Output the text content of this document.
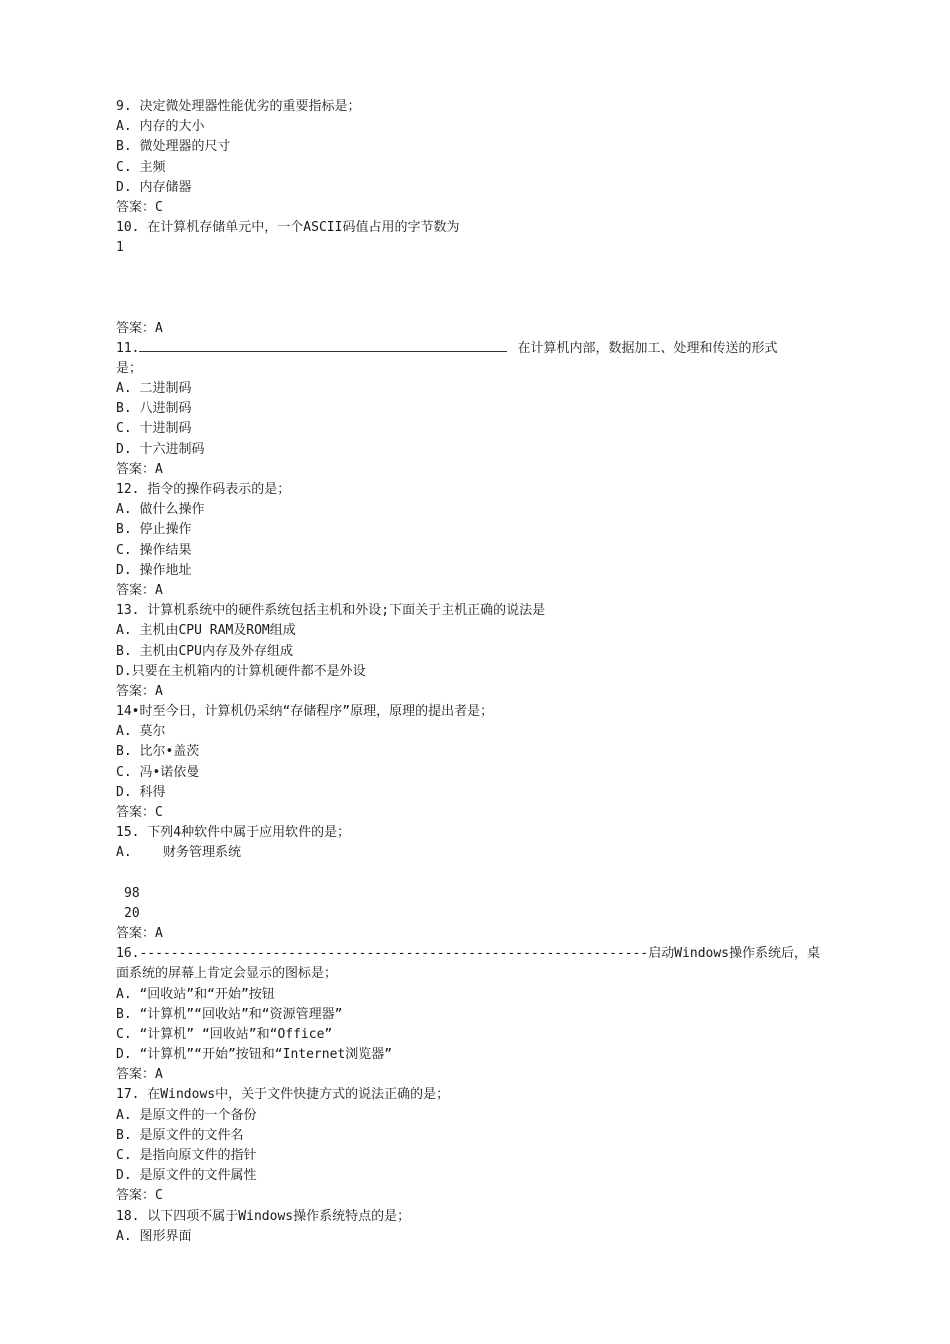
9. 决定微处理器性能优劣的重要指标是；
A. 内存的大小
B. 微处理器的尺寸
C. 主频
D. 内存储器
答案：C
10. 在计算机存储单元中，一个ASCII码值占用的字节数为
1
答案：A
11.	在计算机内部，数据加工、处理和传送的形式
是；
A. 二进制码
B. 八进制码
C. 十进制码
D. 十六进制码
答案：A
12. 指令的操作码表示的是；
A. 做什么操作
B. 停止操作
C. 操作结果
D. 操作地址
答案：A
13. 计算机系统中的硬件系统包括主机和外设;下面关于主机正确的说法是
A. 主机由CPU RAM及ROM组成
B. 主机由CPU内存及外存组成
D.只要在主机箱内的计算机硬件都不是外设
答案：A
14•时至今日，计算机仍采纳“存储程序”原理，原理的提出者是；
A. 莫尔
B. 比尔•盖茨
C. 冯•诺依曼
D. 科得
答案：C
15. 下列4种软件中属于应用软件的是；
A.    财务管理系统
98
20
答案：A
16.-----------------------------------------------------------------启动Windows操作系统后，桌
面系统的屏幕上肯定会显示的图标是；
A. “回收站”和“开始”按钮
B. “计算机”“回收站”和“资源管理器”
C. “计算机” “回收站”和“Office”
D. “计算机”“开始”按钮和“Internet浏览器”
答案：A
17. 在Windows中，关于文件快捷方式的说法正确的是；
A. 是原文件的一个备份
B. 是原文件的文件名
C. 是指向原文件的指针
D. 是原文件的文件属性
答案：C
18. 以下四项不属于Windows操作系统特点的是；
A. 图形界面
